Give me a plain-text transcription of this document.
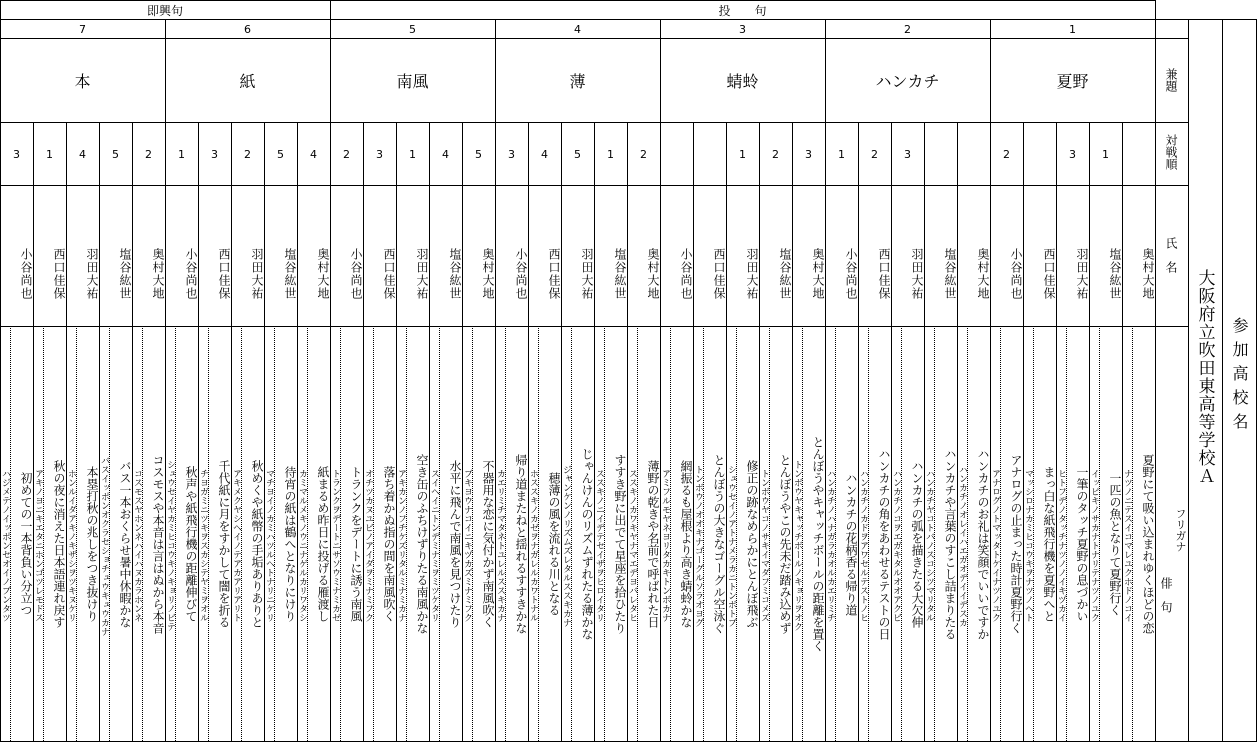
即興句	投　　句
兼題
対戦順
氏　名
俳　句
フリガナ
大阪府立吹田東高等学校Ａ 参加高校名
7
本
3
小谷尚也
ハジメテノイッポンセオイノブンタツ 初めての一本背負い分立つ
1
西口佳保
アキノヨニキエタニホンゴツレモドス 秋の夜に消えた日本語連れ戻す
4
羽田大祐
ホンルイダアキノキザシヲツキヌケリ 本塁打秋の兆しをつき抜けり
5
塩谷紘世
バスイッポンオクラセショチュウキュウカナ バス一本おくらせ暑中休暇かな
2
奥村大地
コスモスヤホンネハイハヌカラホンネ コスモスや本音は言はぬから本音
6
紙
1
小谷尚也
シュウセイヤカミヒコウキノキョリノビテ 秋声や紙飛行機の距離伸びて
3
西口佳保
チヨガミニツキヲスカシテヤミヲオル 千代紙に月をすかして闇を折る
2
羽田大祐
アキメクヤシヘイノテアカアリアリト 秋めくや紙幣の手垢ありありと
5
塩谷紘世
マチヨイノカミハツルヘトナリニケリ 待宵の紙は鶴へとなりにけり
4
奥村大地
カミマルメキノウニナゲルカリワタシ 紙まるめ昨日に投げる雁渡し
5
南風
2
小谷尚也
トランクヲデートニサソウミナミカゼ トランクをデートに誘う南風
3
西口佳保
オチツカヌユビノアイダヲミナミフク 落ち着かぬ指の間を南風吹く
1
羽田大祐
アキカンノフチケズリタルミナミカナ 空き缶のふちけずりたる南風かな
4
塩谷紘世
スイヘイニトンデミナミヲミツケタリ 水平に飛んで南風を見つけたり
5
奥村大地
ブキヨウナコイニキヅカズミナミフク 不器用な恋に気付かず南風吹く
4
薄
3
小谷尚也
カエリミチマタネトユレルススキカナ 帰り道またねと揺れるすすきかな
4
西口佳保
ホススキノカゼヲナガレルカワトナル 穂薄の風を流れる川となる
5
羽田大祐
ジャンケンノリズムズレタルススキカナ じゃんけんのリズムずれたる薄かな
1
塩谷紘世
ススキノニイデテセイザヲヒロイタリ すすき野に出でて星座を拾ひたり
2
奥村大地
ススキノカワキヤナマエデヨバレタヒ 薄野の乾きや名前で呼ばれた日
3
蜻蛉
小谷尚也
アミフルモヤネヨリタカキトンボカナ 網振るも屋根より高き蜻蛉かな
西口佳保
トンボウノオオキナゴーグルソラオヨグ とんぼうの大きなゴーグル空泳ぐ
1
羽田大祐
シュウセイノアトナメラカニトンボトブ 修正の跡なめらかにとんぼ飛ぶ
2
塩谷紘世
トンボウヤコノサキイマダフミコメズ とんぼうやこの先未だ踏み込めず
3
奥村大地
トンボウヤキャッチボールノキョリヲオク とんぼうやキャッチボールの距離を置く
2
ハンカチ
1
小谷尚也
ハンカチノハナガラカオルカエリミチ ハンカチの花柄香る帰り道
2
西口佳保
ハンカチノカドヲアワセルテストノヒ ハンカチの角をあわせるテストの日
3
羽田大祐
ハンカチノコヲエガキタルオオアクビ ハンカチの弧を描きたる大欠伸
塩谷紘世
ハンカチヤコトバノスコシツマリタル ハンカチや言葉のすこし詰まりたる
奥村大地
ハンカチノオレイハエガオデイイデスカ ハンカチのお礼は笑顔でいいですか
1
夏野
2
小谷尚也
アナログノトマッタトケイナツノユク アナログの止まった時計夏野行く
西口佳保
マッシロナカミヒコウキヲナツノヘト まっ白な紙飛行機を夏野へと
3
羽田大祐
ヒトフデノタッチナツノノイキヅカイ 一筆のタッチ夏野の息づかい
1
塩谷紘世
イッピキノサカナトナリテナツノユク 一匹の魚となりて夏野行く
奥村大地
ナツノニテスイコマレユクホドノコイ 夏野にて吸い込まれゆくほどの恋
